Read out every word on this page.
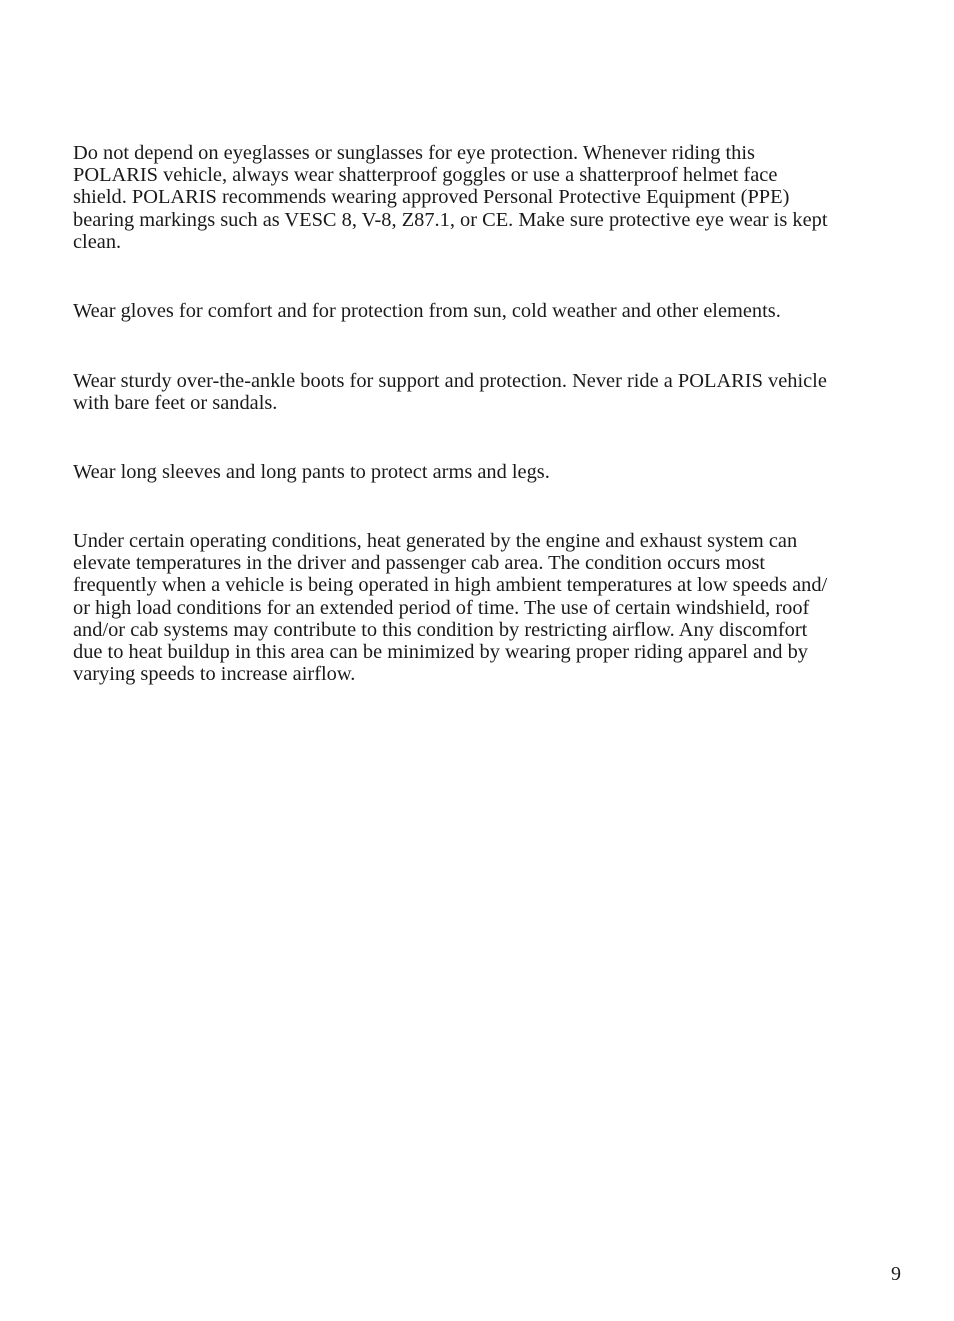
Do not depend on eyeglasses or sunglasses for eye protection. Whenever riding this
POLARIS vehicle, always wear shatterproof goggles or use a shatterproof helmet face
shield. POLARIS recommends wearing approved Personal Protective Equipment (PPE)
bearing markings such as VESC 8, V-8, Z87.1, or CE. Make sure protective eye wear is kept
clean.

Wear gloves for comfort and for protection from sun, cold weather and other elements.

Wear sturdy over-the-ankle boots for support and protection. Never ride a POLARIS vehicle
with bare feet or sandals.

Wear long sleeves and long pants to protect arms and legs.

Under certain operating conditions, heat generated by the engine and exhaust system can
elevate temperatures in the driver and passenger cab area. The condition occurs most
frequently when a vehicle is being operated in high ambient temperatures at low speeds and/
or high load conditions for an extended period of time. The use of certain windshield, roof
and/or cab systems may contribute to this condition by restricting airflow. Any discomfort
due to heat buildup in this area can be minimized by wearing proper riding apparel and by
varying speeds to increase airflow.

9
